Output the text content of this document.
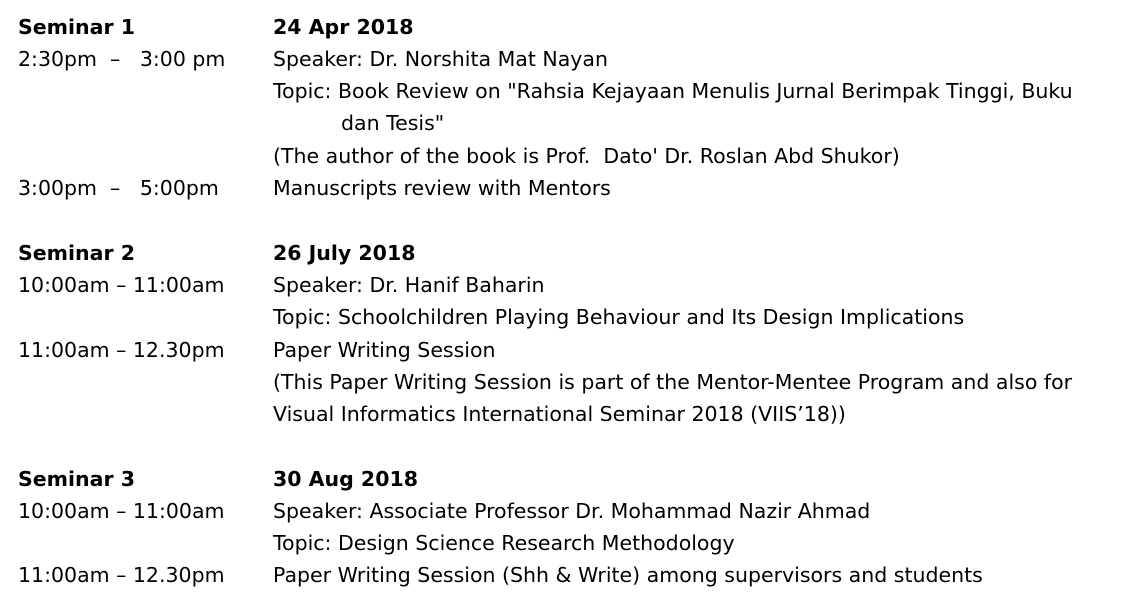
Seminar 1	24 Apr 2018
2:30pm  –   3:00 pm Speaker: Dr. Norshita Mat Nayan
Topic: Book Review on "Rahsia Kejayaan Menulis Jurnal Berimpak Tinggi, Buku
dan Tesis"
(The author of the book is Prof.  Dato' Dr. Roslan Abd Shukor)
3:00pm  –   5:00pm	Manuscripts review with Mentors
Seminar 2	26 July 2018
10:00am – 11:00am Speaker: Dr. Hanif Baharin
Topic: Schoolchildren Playing Behaviour and Its Design Implications
11:00am – 12.30pm Paper Writing Session
(This Paper Writing Session is part of the Mentor-Mentee Program and also for
Visual Informatics International Seminar 2018 (VIIS’18))
Seminar 3	30 Aug 2018
10:00am – 11:00am Speaker: Associate Professor Dr. Mohammad Nazir Ahmad
Topic: Design Science Research Methodology
11:00am – 12.30pm Paper Writing Session (Shh & Write) among supervisors and students
